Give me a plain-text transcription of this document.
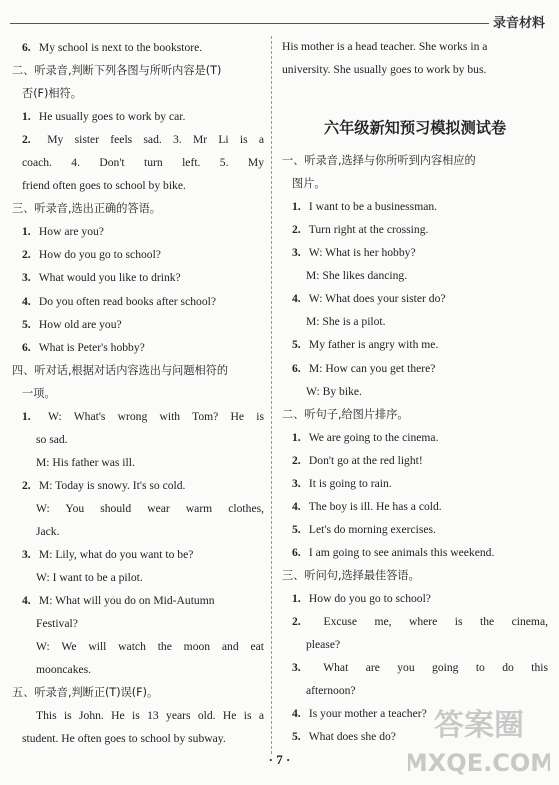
录音材料
6. My school is next to the bookstore.
二、听录音,判断下列各图与所听内容是(T)
否(F)相符。
1. He usually goes to work by car.
2. My sister feels sad. 3. Mr Li is a
coach. 4. Don't turn left. 5. My
friend often goes to school by bike.
三、听录音,选出正确的答语。
1. How are you?
2. How do you go to school?
3. What would you like to drink?
4. Do you often read books after school?
5. How old are you?
6. What is Peter's hobby?
四、听对话,根据对话内容选出与问题相符的
一项。
1. W: What's wrong with Tom? He is
so sad.
M: His father was ill.
2. M: Today is snowy. It's so cold.
W: You should wear warm clothes,
Jack.
3. M: Lily, what do you want to be?
W: I want to be a pilot.
4. M: What will you do on Mid-Autumn
Festival?
W: We will watch the moon and eat
mooncakes.
五、听录音,判断正(T)误(F)。
This is John. He is 13 years old. He is a
student. He often goes to school by subway.
His mother is a head teacher. She works in a
university. She usually goes to work by bus.
六年级新知预习模拟测试卷
一、听录音,选择与你所听到内容相应的
图片。
1. I want to be a businessman.
2. Turn right at the crossing.
3. W: What is her hobby?
M: She likes dancing.
4. W: What does your sister do?
M: She is a pilot.
5. My father is angry with me.
6. M: How can you get there?
W: By bike.
二、听句子,给图片排序。
1. We are going to the cinema.
2. Don't go at the red light!
3. It is going to rain.
4. The boy is ill. He has a cold.
5. Let's do morning exercises.
6. I am going to see animals this weekend.
三、听问句,选择最佳答语。
1. How do you go to school?
2. Excuse me, where is the cinema,
please?
3. What are you going to do this
afternoon?
4. Is your mother a teacher?
5. What does she do?
· 7 ·
答案圈
MXQE.COM
